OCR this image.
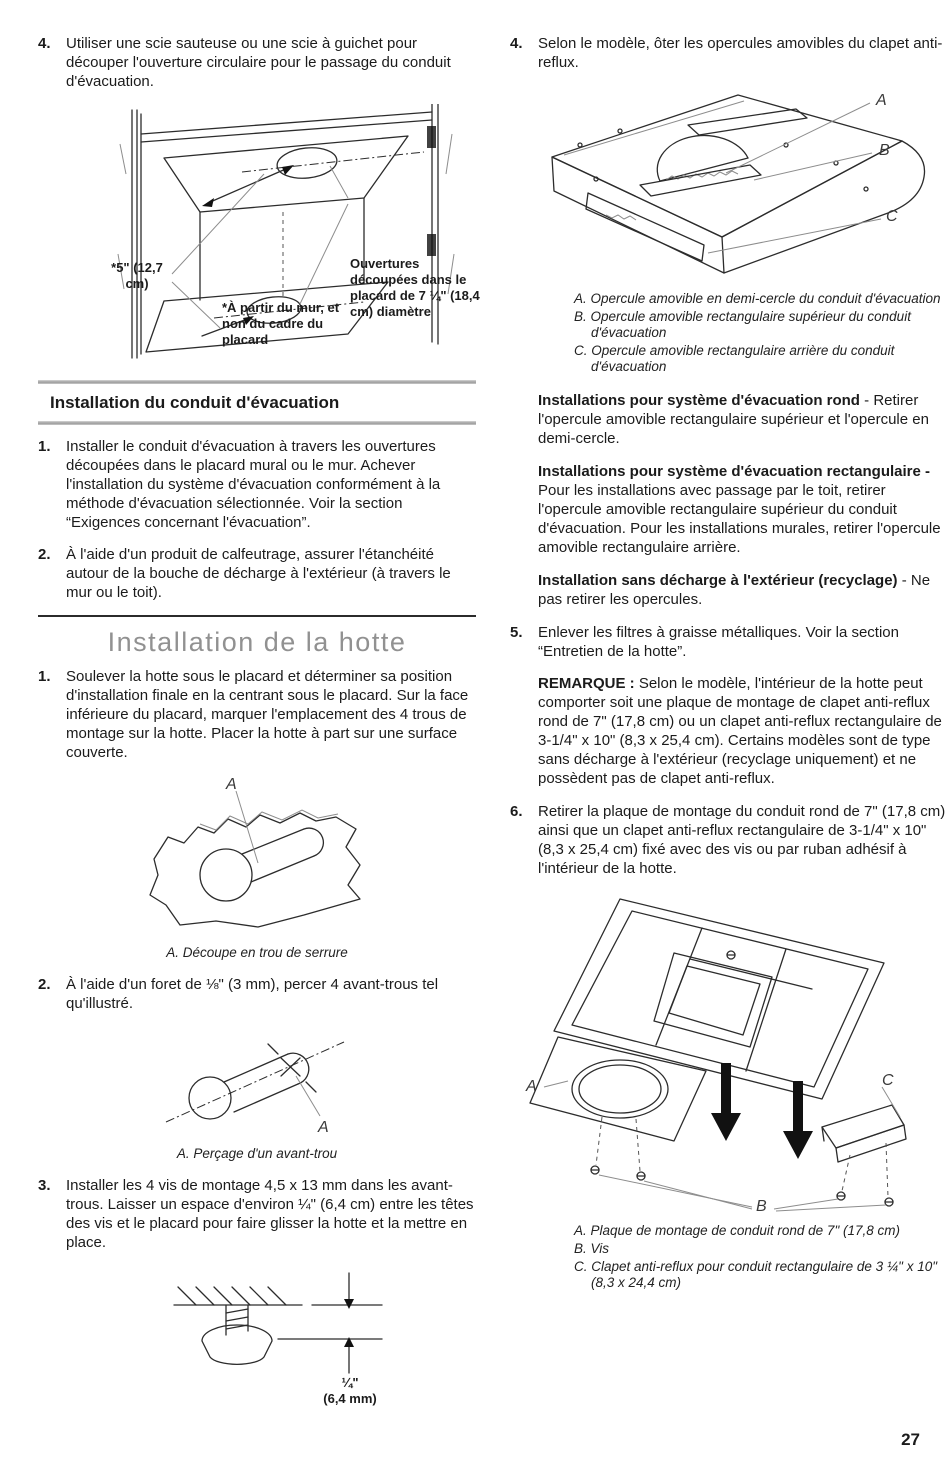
4.	Utiliser une scie sauteuse ou une scie à guichet pour découper l'ouverture circulaire pour le passage du conduit d'évacuation.
*5" (12,7 cm)
Ouvertures découpées dans le placard de 7 ¼" (18,4 cm) diamètre
*À partir du mur, et non du cadre du placard
Installation du conduit d'évacuation
1.	Installer le conduit d'évacuation à travers les ouvertures découpées dans le placard mural ou le mur. Achever l'installation du système d'évacuation conformément à la méthode d'évacuation sélectionnée. Voir la section “Exigences concernant l'évacuation”.
2.	À l'aide d'un produit de calfeutrage, assurer l'étanchéité autour de la bouche de décharge à l'extérieur (à travers le mur ou le toit).
Installation de la hotte
1.	Soulever la hotte sous le placard et déterminer sa position d'installation finale en la centrant sous le placard. Sur la face inférieure du placard, marquer l'emplacement des 4 trous de montage sur la hotte. Placer la hotte à part sur une surface couverte.
A
A. Découpe en trou de serrure
2.	À l'aide d'un foret de ⅛" (3 mm), percer 4 avant-trous tel qu'illustré.
A
A. Perçage d'un avant-trou
3.	Installer les 4 vis de montage 4,5 x 13 mm dans les avant-trous. Laisser un espace d'environ ¼" (6,4 cm) entre les têtes des vis et le placard pour faire glisser la hotte et la mettre en place.
¼"
(6,4 mm)
4.	Selon le modèle, ôter les opercules amovibles du clapet anti-reflux.
A
B
C
A. Opercule amovible en demi-cercle du conduit d'évacuation
B. Opercule amovible rectangulaire supérieur du conduit d'évacuation
C. Opercule amovible rectangulaire arrière du conduit d'évacuation

Installations pour système d'évacuation rond - Retirer l'opercule amovible rectangulaire supérieur et l'opercule en demi-cercle.

Installations pour système d'évacuation rectangulaire - Pour les installations avec passage par le toit, retirer l'opercule amovible rectangulaire supérieur du conduit d'évacuation. Pour les installations murales, retirer l'opercule amovible rectangulaire arrière.

Installation sans décharge à l'extérieur (recyclage) - Ne pas retirer les opercules.

5.	Enlever les filtres à graisse métalliques. Voir la section “Entretien de la hotte”.

REMARQUE : Selon le modèle, l'intérieur de la hotte peut comporter soit une plaque de montage de clapet anti-reflux rond de 7" (17,8 cm) ou un clapet anti-reflux rectangulaire de 3-1/4" x 10" (8,3 x 25,4 cm). Certains modèles sont de type sans décharge à l'extérieur (recyclage uniquement) et ne possèdent pas de clapet anti-reflux.

6.	Retirer la plaque de montage du conduit rond de 7" (17,8 cm) ainsi que un clapet anti-reflux rectangulaire de 3-1/4" x 10" (8,3 x 25,4 cm) fixé avec des vis ou par ruban adhésif à l'intérieur de la hotte.
A
B
C
A. Plaque de montage de conduit rond de 7" (17,8 cm)
B. Vis
C. Clapet anti-reflux pour conduit rectangulaire de 3 ¼" x 10" (8,3 x 24,4 cm)
27
